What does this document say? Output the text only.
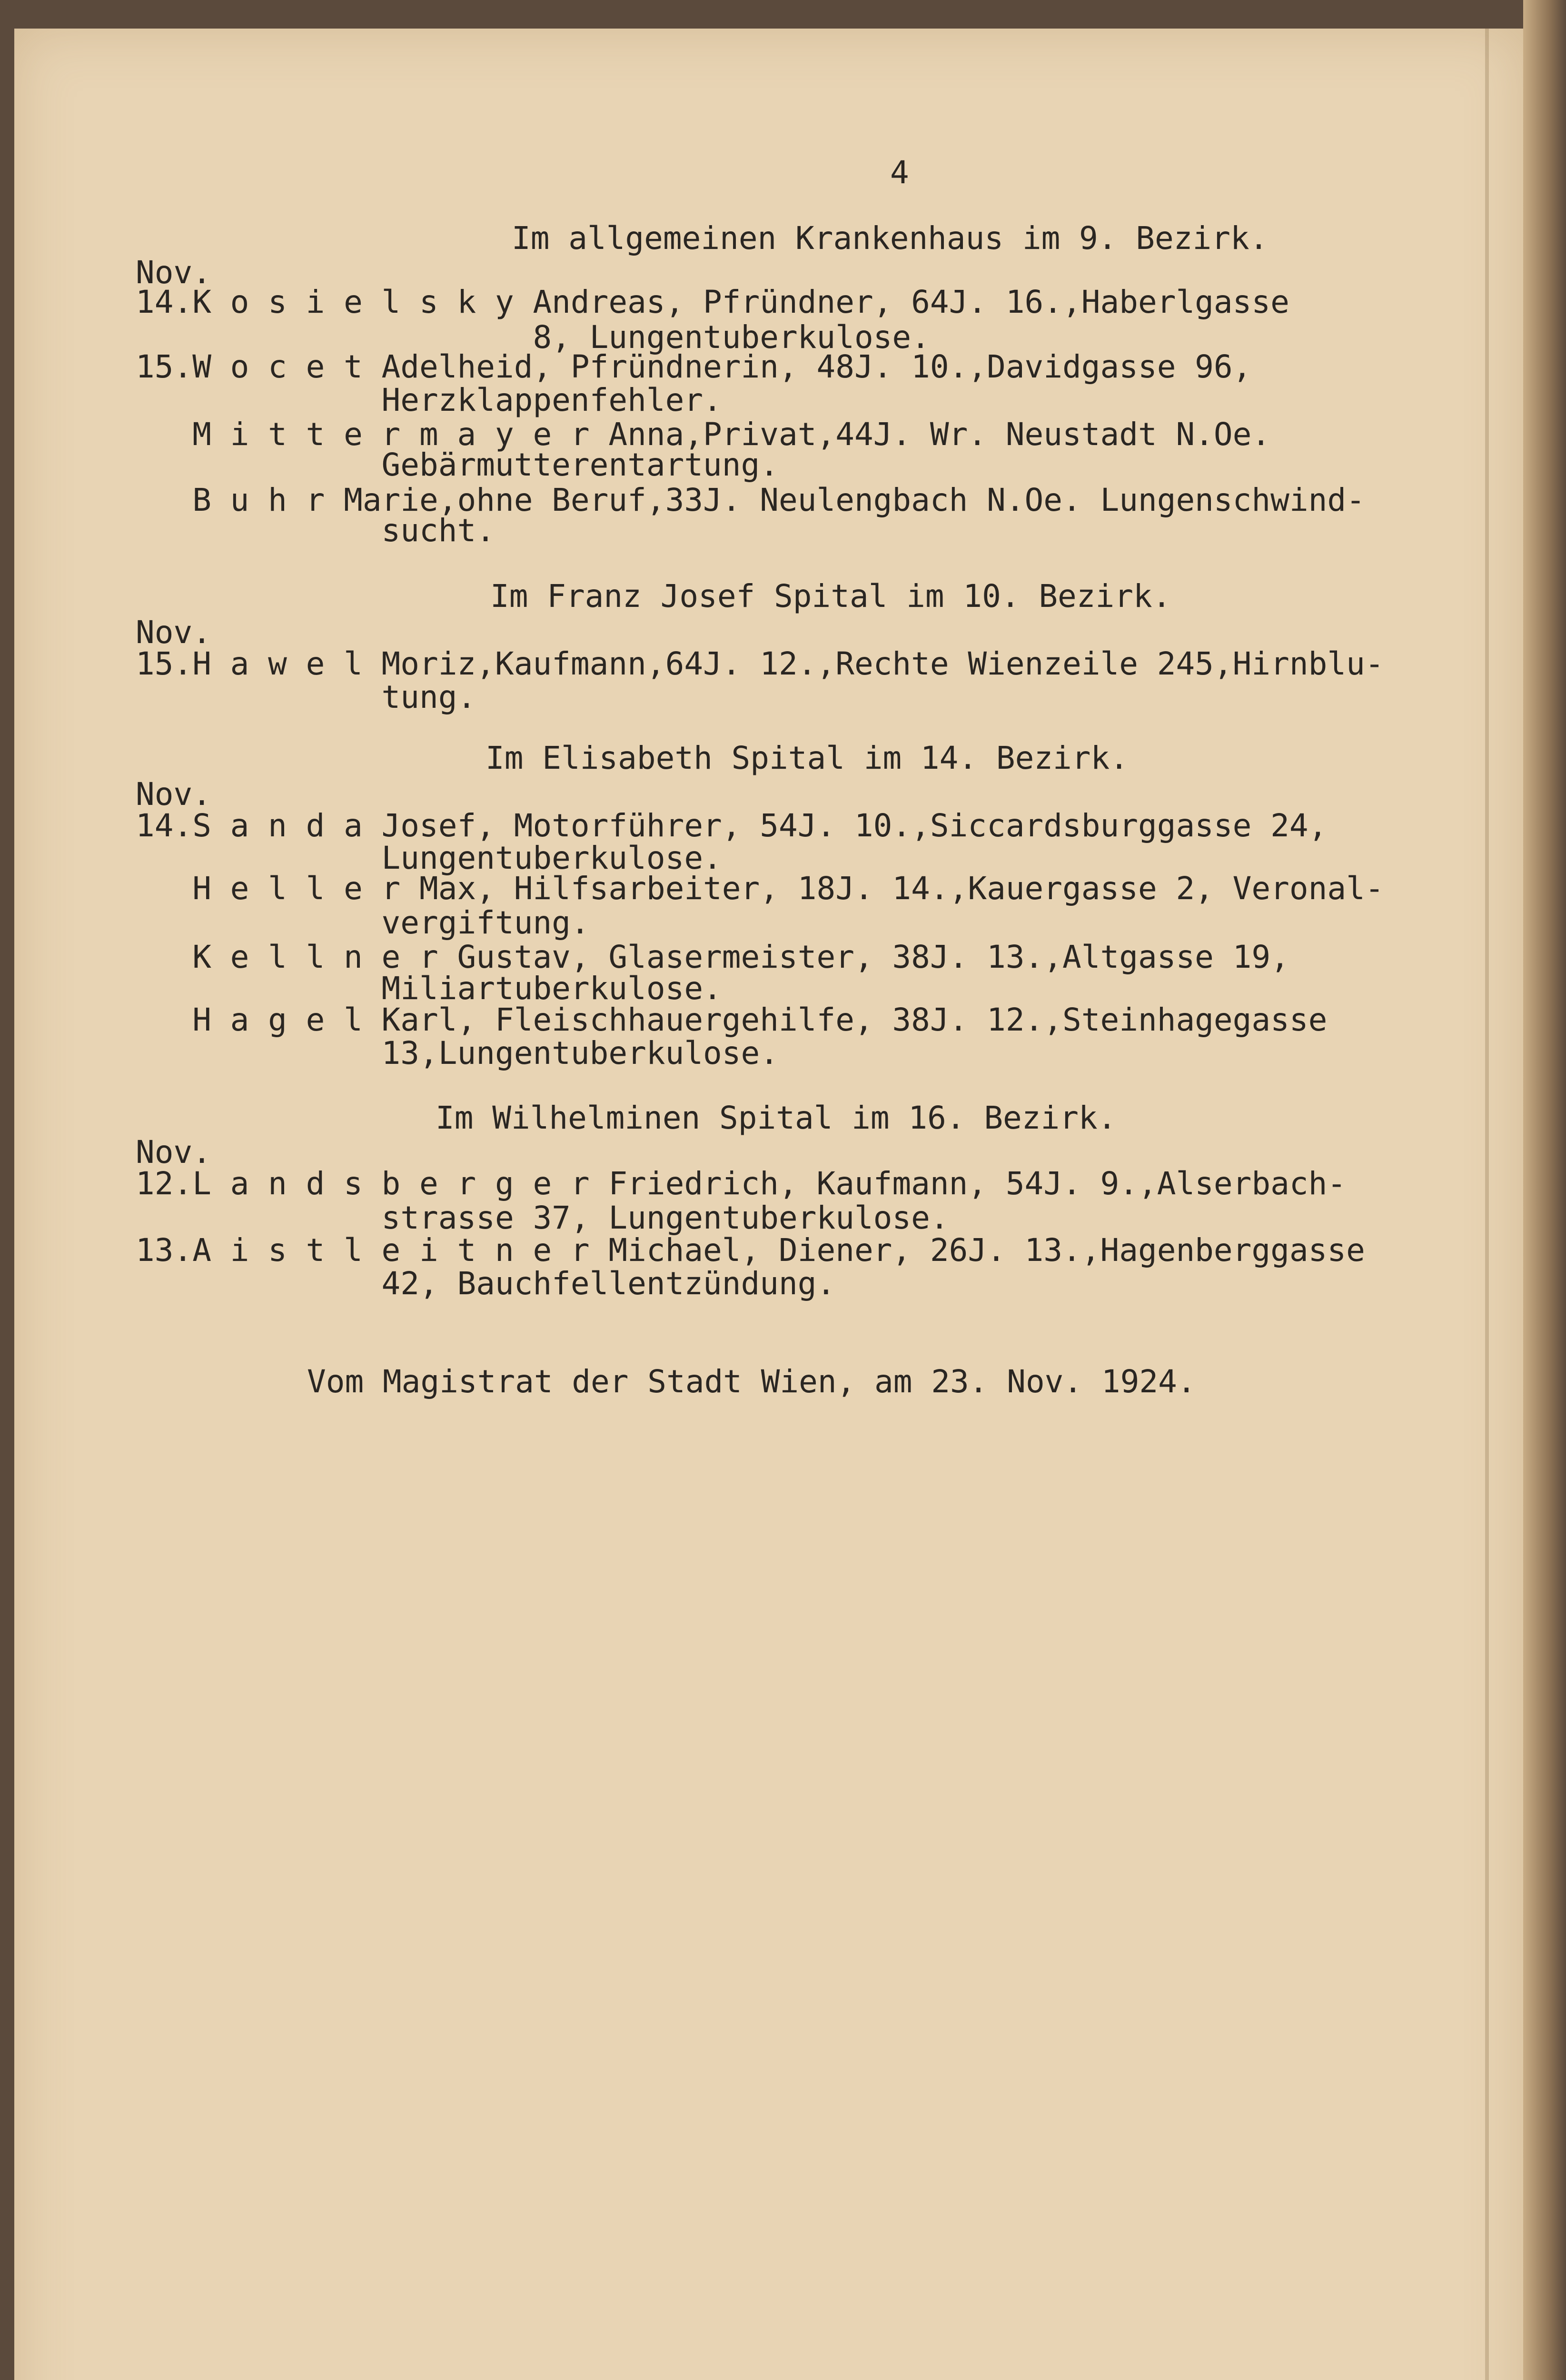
4

Im allgemeinen Krankenhaus im 9. Bezirk.

Nov.

14.K o s i e l s k y Andreas, Pfründner, 64J. 16.,Haberlgasse

8, Lungentuberkulose.

15.W o c e t Adelheid, Pfründnerin, 48J. 10.,Davidgasse 96,

Herzklappenfehler.

M i t t e r m a y e r Anna,Privat,44J. Wr. Neustadt N.Oe.

Gebärmutterentartung.

B u h r Marie,ohne Beruf,33J. Neulengbach N.Oe. Lungenschwind-

sucht.

Im Franz Josef Spital im 10. Bezirk.

Nov.

15.H a w e l Moriz,Kaufmann,64J. 12.,Rechte Wienzeile 245,Hirnblu-

tung.

Im Elisabeth Spital im 14. Bezirk.

Nov.

14.S a n d a Josef, Motorführer, 54J. 10.,Siccardsburggasse 24,

Lungentuberkulose.

H e l l e r Max, Hilfsarbeiter, 18J. 14.,Kauergasse 2, Veronal-

vergiftung.

K e l l n e r Gustav, Glasermeister, 38J. 13.,Altgasse 19,

Miliartuberkulose.

H a g e l Karl, Fleischhauergehilfe, 38J. 12.,Steinhagegasse

13,Lungentuberkulose.

Im Wilhelminen Spital im 16. Bezirk.

Nov.

12.L a n d s b e r g e r Friedrich, Kaufmann, 54J. 9.,Alserbach-

strasse 37, Lungentuberkulose.

13.A i s t l e i t n e r Michael, Diener, 26J. 13.,Hagenberggasse

42, Bauchfellentzündung.

Vom Magistrat der Stadt Wien, am 23. Nov. 1924.
